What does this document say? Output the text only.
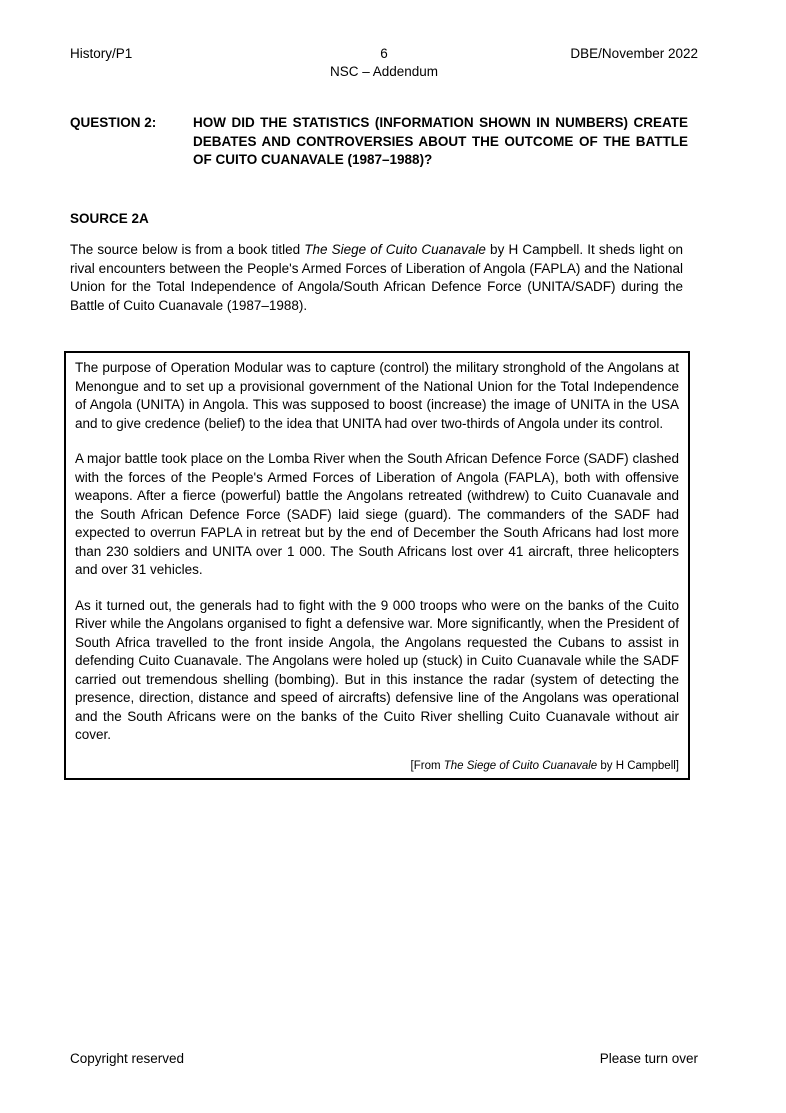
History/P1	6
NSC – Addendum
DBE/November 2022
QUESTION 2:	HOW DID THE STATISTICS (INFORMATION SHOWN IN NUMBERS) CREATE DEBATES AND CONTROVERSIES ABOUT THE OUTCOME OF THE BATTLE OF CUITO CUANAVALE (1987–1988)?
SOURCE 2A
The source below is from a book titled The Siege of Cuito Cuanavale by H Campbell. It sheds light on rival encounters between the People's Armed Forces of Liberation of Angola (FAPLA) and the National Union for the Total Independence of Angola/South African Defence Force (UNITA/SADF) during the Battle of Cuito Cuanavale (1987–1988).

The purpose of Operation Modular was to capture (control) the military stronghold of the Angolans at Menongue and to set up a provisional government of the National Union for the Total Independence of Angola (UNITA) in Angola. This was supposed to boost (increase) the image of UNITA in the USA and to give credence (belief) to the idea that UNITA had over two-thirds of Angola under its control.

A major battle took place on the Lomba River when the South African Defence Force (SADF) clashed with the forces of the People's Armed Forces of Liberation of Angola (FAPLA), both with offensive weapons. After a fierce (powerful) battle the Angolans retreated (withdrew) to Cuito Cuanavale and the South African Defence Force (SADF) laid siege (guard). The commanders of the SADF had expected to overrun FAPLA in retreat but by the end of December the South Africans had lost more than 230 soldiers and UNITA over 1 000. The South Africans lost over 41 aircraft, three helicopters and over 31 vehicles.

As it turned out, the generals had to fight with the 9 000 troops who were on the banks of the Cuito River while the Angolans organised to fight a defensive war. More significantly, when the President of South Africa travelled to the front inside Angola, the Angolans requested the Cubans to assist in defending Cuito Cuanavale. The Angolans were holed up (stuck) in Cuito Cuanavale while the SADF carried out tremendous shelling (bombing). But in this instance the radar (system of detecting the presence, direction, distance and speed of aircrafts) defensive line of the Angolans was operational and the South Africans were on the banks of the Cuito River shelling Cuito Cuanavale without air cover.

[From The Siege of Cuito Cuanavale by H Campbell]
Copyright reserved	Please turn over
